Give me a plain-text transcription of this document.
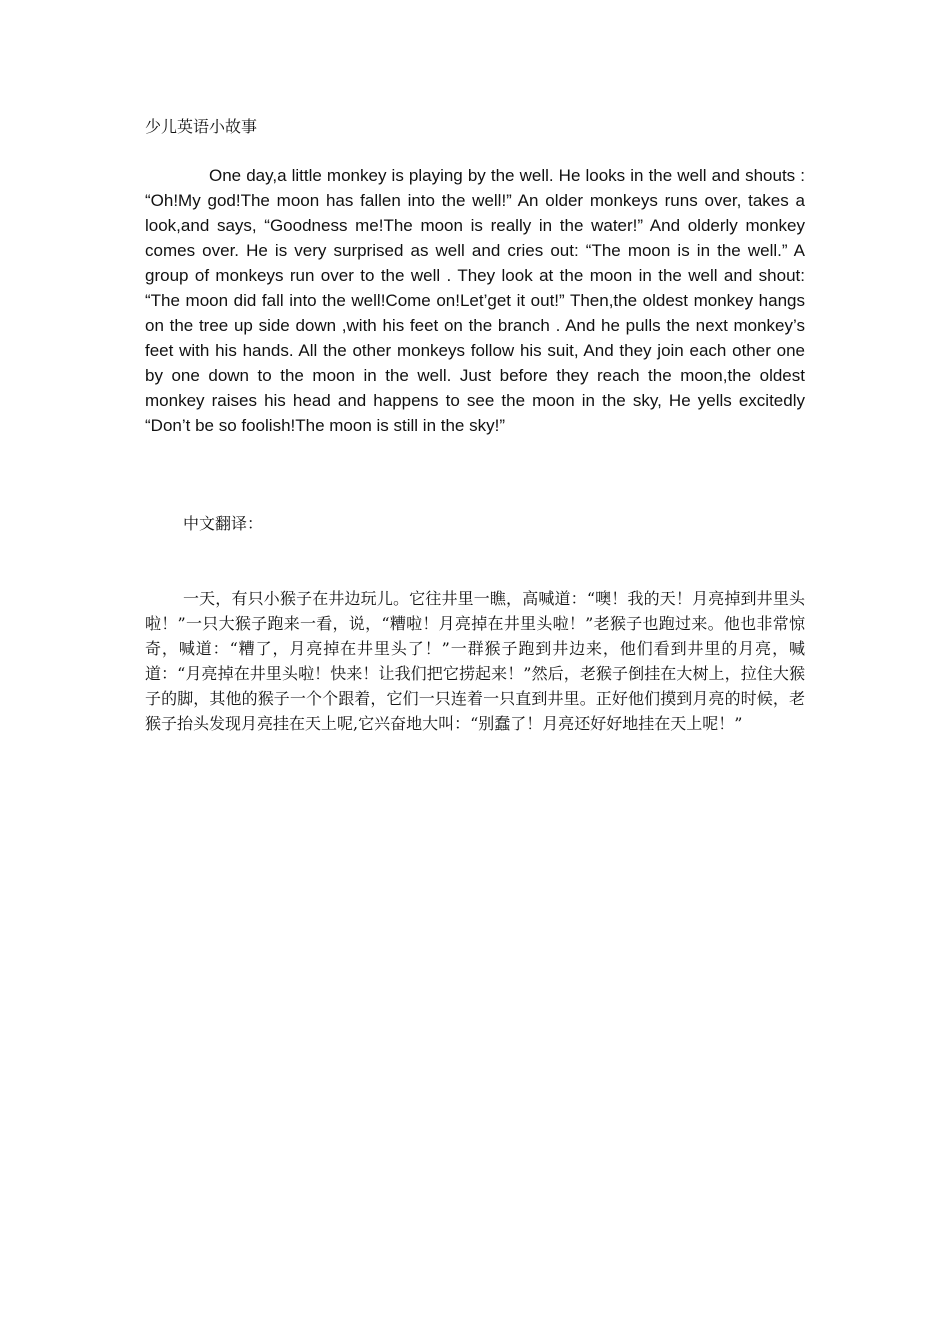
少儿英语小故事

One day,a little monkey is playing by the well. He looks in the well and shouts : “Oh!My god!The moon has fallen into the well!” An older monkeys runs over, takes a look,and says, “Goodness me!The moon is really in the water!” And olderly monkey comes over. He is very surprised as well and cries out: “The moon is in the well.” A group of monkeys run over to the well . They look at the moon in the well and shout: “The moon did fall into the well!Come on!Let’get it out!” Then,the oldest monkey hangs on the tree up side down ,with his feet on the branch . And he pulls the next monkey’s feet with his hands. All the other monkeys follow his suit, And they join each other one by one down to the moon in the well. Just before they reach the moon,the oldest monkey raises his head and happens to see the moon in the sky, He yells excitedly “Don’t be so foolish!The moon is still in the sky!”

中文翻译：

一天，有只小猴子在井边玩儿。它往井里一瞧，高喊道：“噢！我的天！月亮掉到井里头啦！”一只大猴子跑来一看，说，“糟啦！月亮掉在井里头啦！”老猴子也跑过来。他也非常惊奇，喊道：“糟了，月亮掉在井里头了！”一群猴子跑到井边来，他们看到井里的月亮，喊道：“月亮掉在井里头啦！快来！让我们把它捞起来！”然后，老猴子倒挂在大树上，拉住大猴子的脚，其他的猴子一个个跟着，它们一只连着一只直到井里。正好他们摸到月亮的时候，老猴子抬头发现月亮挂在天上呢,它兴奋地大叫：“别蠢了！月亮还好好地挂在天上呢！”
